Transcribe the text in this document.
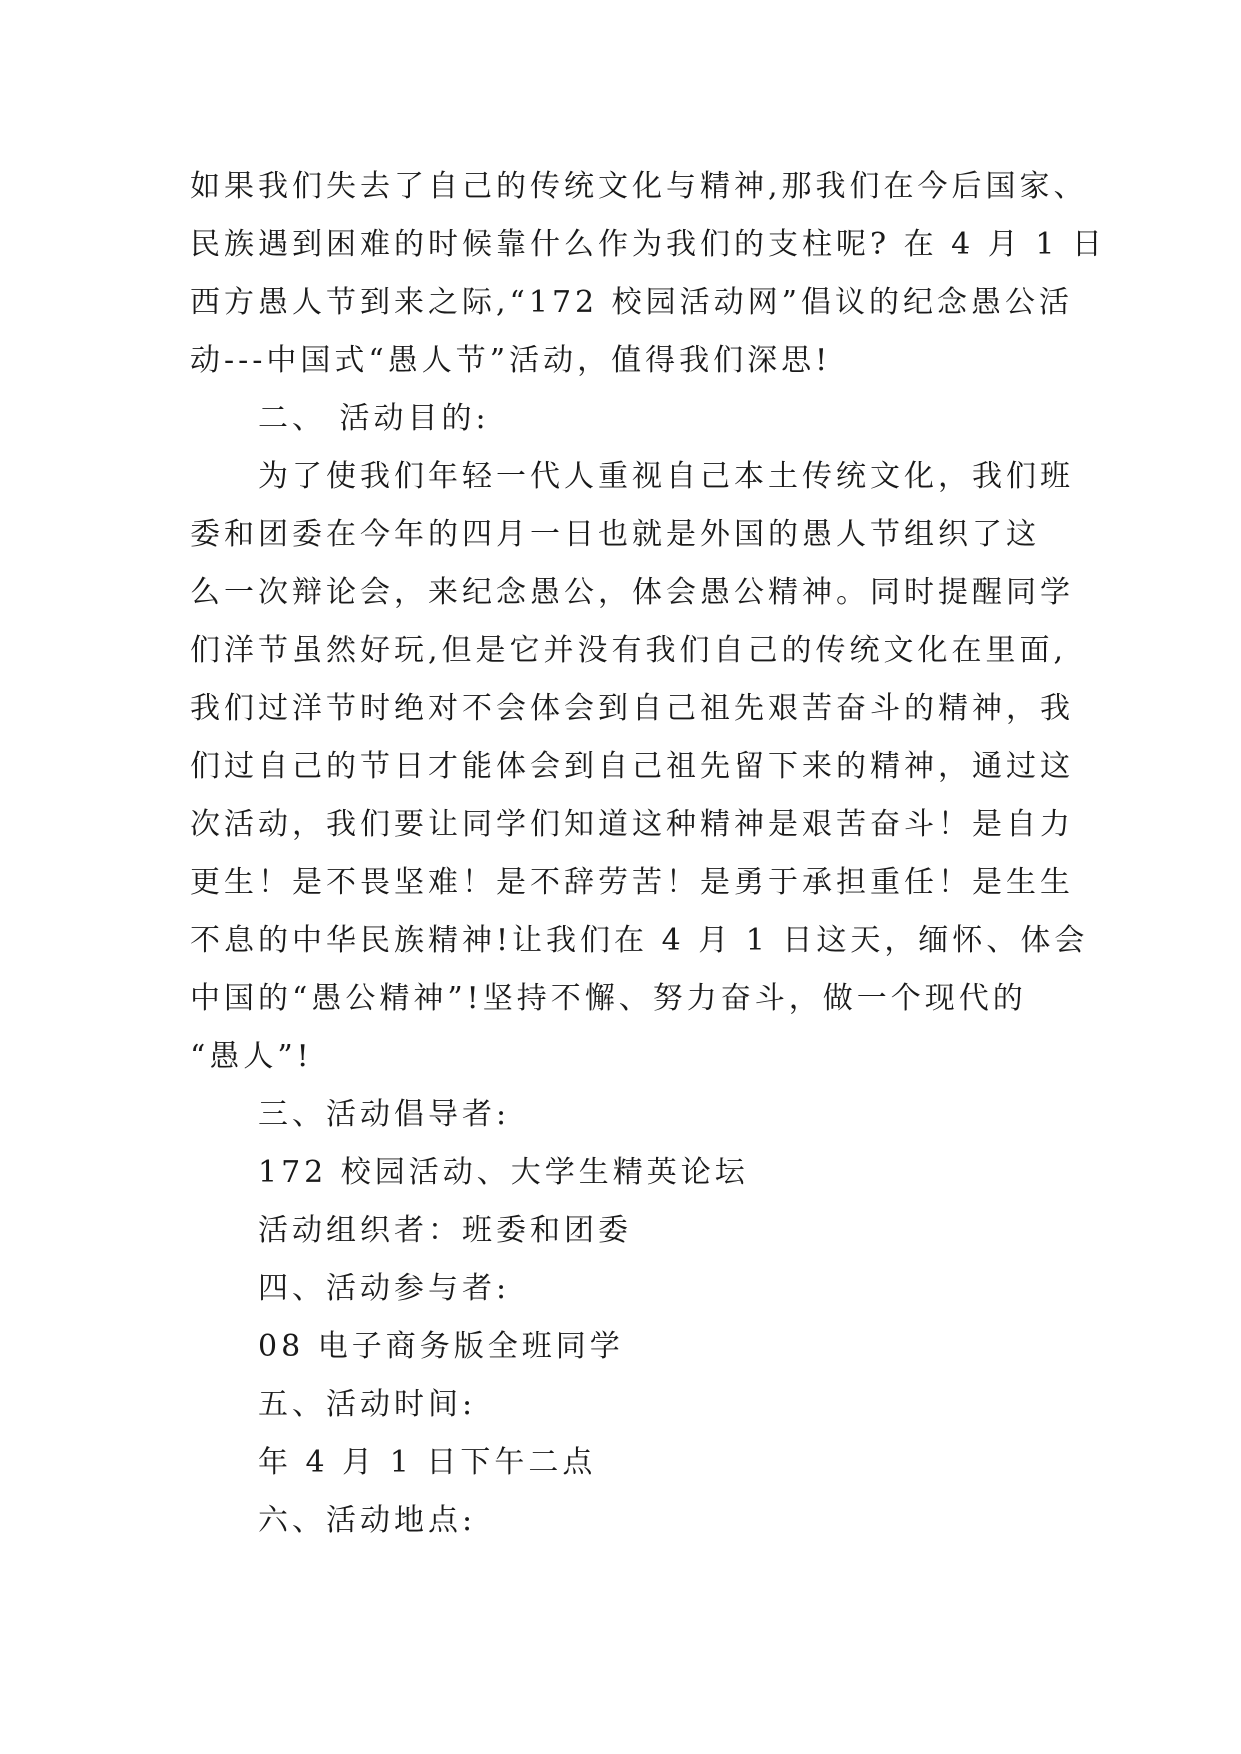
如果我们失去了自己的传统文化与精神,那我们在今后国家、
民族遇到困难的时候靠什么作为我们的支柱呢? 在 4 月 1 日
西方愚人节到来之际,“172 校园活动网”倡议的纪念愚公活
动---中国式“愚人节”活动，值得我们深思!
二、 活动目的:
为了使我们年轻一代人重视自己本土传统文化，我们班
委和团委在今年的四月一日也就是外国的愚人节组织了这
么一次辩论会，来纪念愚公，体会愚公精神。同时提醒同学
们洋节虽然好玩,但是它并没有我们自己的传统文化在里面,
我们过洋节时绝对不会体会到自己祖先艰苦奋斗的精神，我
们过自己的节日才能体会到自己祖先留下来的精神，通过这
次活动，我们要让同学们知道这种精神是艰苦奋斗！是自力
更生！是不畏坚难！是不辞劳苦！是勇于承担重任！是生生
不息的中华民族精神!让我们在 4 月 1 日这天，缅怀、体会
中国的“愚公精神”!坚持不懈、努力奋斗，做一个现代的
“愚人”!
三、活动倡导者:
172 校园活动、大学生精英论坛
活动组织者：班委和团委
四、活动参与者:
08 电子商务版全班同学
五、活动时间:
年 4 月 1 日下午二点
六、活动地点:
